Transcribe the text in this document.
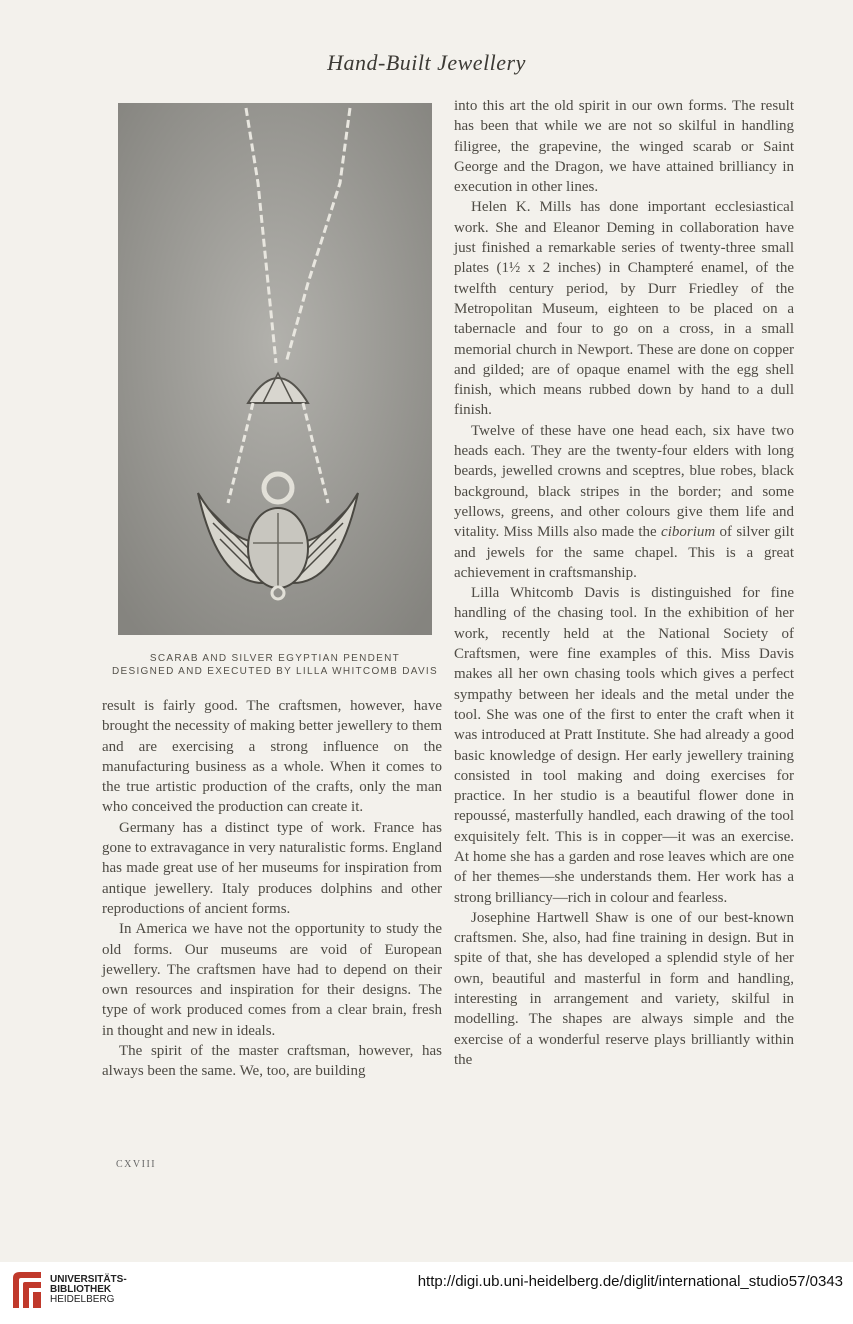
Hand-Built Jewellery
SCARAB AND SILVER EGYPTIAN PENDENT
DESIGNED AND EXECUTED BY LILLA WHITCOMB DAVIS

result is fairly good. The craftsmen, however, have brought the necessity of making better jewellery to them and are exercising a strong influence on the manufacturing business as a whole. When it comes to the true artistic production of the crafts, only the man who conceived the production can create it.

Germany has a distinct type of work. France has gone to extravagance in very naturalistic forms. England has made great use of her museums for inspiration from antique jewellery. Italy produces dolphins and other reproductions of ancient forms.

In America we have not the opportunity to study the old forms. Our museums are void of European jewellery. The craftsmen have had to depend on their own resources and inspiration for their designs. The type of work produced comes from a clear brain, fresh in thought and new in ideals.

The spirit of the master craftsman, however, has always been the same. We, too, are building

into this art the old spirit in our own forms. The result has been that while we are not so skilful in handling filigree, the grapevine, the winged scarab or Saint George and the Dragon, we have attained brilliancy in execution in other lines.

Helen K. Mills has done important ecclesiastical work. She and Eleanor Deming in collaboration have just finished a remarkable series of twenty-three small plates (1½ x 2 inches) in Champteré enamel, of the twelfth century period, by Durr Friedley of the Metropolitan Museum, eighteen to be placed on a tabernacle and four to go on a cross, in a small memorial church in Newport. These are done on copper and gilded; are of opaque enamel with the egg shell finish, which means rubbed down by hand to a dull finish.

Twelve of these have one head each, six have two heads each. They are the twenty-four elders with long beards, jewelled crowns and sceptres, blue robes, black background, black stripes in the border; and some yellows, greens, and other colours give them life and vitality. Miss Mills also made the ciborium of silver gilt and jewels for the same chapel. This is a great achievement in craftsmanship.

Lilla Whitcomb Davis is distinguished for fine handling of the chasing tool. In the exhibition of her work, recently held at the National Society of Craftsmen, were fine examples of this. Miss Davis makes all her own chasing tools which gives a perfect sympathy between her ideals and the metal under the tool. She was one of the first to enter the craft when it was introduced at Pratt Institute. She had already a good basic knowledge of design. Her early jewellery training consisted in tool making and doing exercises for practice. In her studio is a beautiful flower done in repoussé, masterfully handled, each drawing of the tool exquisitely felt. This is in copper—it was an exercise. At home she has a garden and rose leaves which are one of her themes—she understands them. Her work has a strong brilliancy—rich in colour and fearless.

Josephine Hartwell Shaw is one of our best-known craftsmen. She, also, had fine training in design. But in spite of that, she has developed a splendid style of her own, beautiful and masterful in form and handling, interesting in arrangement and variety, skilful in modelling. The shapes are always simple and the exercise of a wonderful reserve plays brilliantly within the

CXVIII
UNIVERSITÄTS-
BIBLIOTHEK
HEIDELBERG
http://digi.ub.uni-heidelberg.de/diglit/international_studio57/0343
